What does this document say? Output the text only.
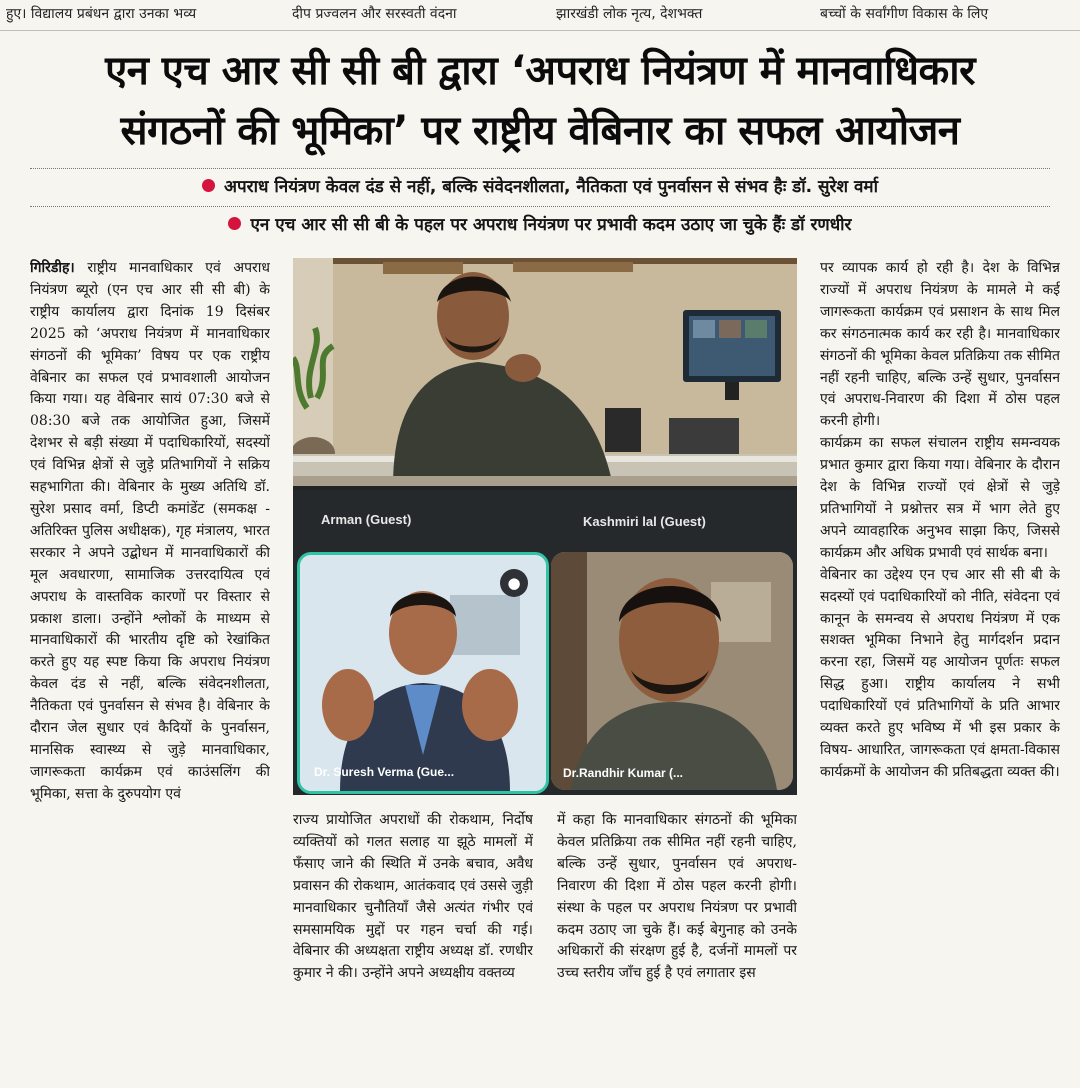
हुए। विद्यालय प्रबंधन द्वारा उनका भव्य	दीप प्रज्वलन और सरस्वती वंदना	झारखंडी लोक नृत्य, देशभक्त	बच्चों के सर्वांगीण विकास के लिए
एन एच आर सी सी बी द्वारा ‘अपराध नियंत्रण में मानवाधिकार
संगठनों की भूमिका’ पर राष्ट्रीय वेबिनार का सफल आयोजन
अपराध नियंत्रण केवल दंड से नहीं, बल्कि संवेदनशीलता, नैतिकता एवं पुनर्वासन से संभव हैः डॉ. सुरेश वर्मा
एन एच आर सी सी बी के पहल पर अपराध नियंत्रण पर प्रभावी कदम उठाए जा चुके हैंः डॉ रणधीर

गिरिडीह। राष्ट्रीय मानवाधिकार एवं अपराध नियंत्रण ब्यूरो (एन एच आर सी सी बी) के राष्ट्रीय कार्यालय द्वारा दिनांक 19 दिसंबर 2025 को ‘अपराध नियंत्रण में मानवाधिकार संगठनों की भूमिका’ विषय पर एक राष्ट्रीय वेबिनार का सफल एवं प्रभावशाली आयोजन किया गया। यह वेबिनार सायं 07:30 बजे से 08:30 बजे तक आयोजित हुआ, जिसमें देशभर से बड़ी संख्या में पदाधिकारियों, सदस्यों एवं विभिन्न क्षेत्रों से जुड़े प्रतिभागियों ने सक्रिय सहभागिता की। वेबिनार के मुख्य अतिथि डॉ. सुरेश प्रसाद वर्मा, डिप्टी कमांडेंट (समकक्ष - अतिरिक्त पुलिस अधीक्षक), गृह मंत्रालय, भारत सरकार ने अपने उद्बोधन में मानवाधिकारों की मूल अवधारणा, सामाजिक उत्तरदायित्व एवं अपराध के वास्तविक कारणों पर विस्तार से प्रकाश डाला। उन्होंने श्लोकों के माध्यम से मानवाधिकारों की भारतीय दृष्टि को रेखांकित करते हुए यह स्पष्ट किया कि अपराध नियंत्रण केवल दंड से नहीं, बल्कि संवेदनशीलता, नैतिकता एवं पुनर्वासन से संभव है। वेबिनार के दौरान जेल सुधार एवं कैदियों के पुनर्वासन, मानसिक स्वास्थ्य से जुड़े मानवाधिकार, जागरूकता कार्यक्रम एवं काउंसलिंग की भूमिका, सत्ता के दुरुपयोग एवं

Arman (Guest)	Kashmiri lal (Guest)
●
Dr. Suresh Verma (Gue...	Dr.Randhir Kumar (...

राज्य प्रायोजित अपराधों की रोकथाम, निर्दोष व्यक्तियों को गलत सलाह या झूठे मामलों में फँसाए जाने की स्थिति में उनके बचाव, अवैध प्रवासन की रोकथाम, आतंकवाद एवं उससे जुड़ी मानवाधिकार चुनौतियाँ जैसे अत्यंत गंभीर एवं समसामयिक मुद्दों पर गहन चर्चा की गई। वेबिनार की अध्यक्षता राष्ट्रीय अध्यक्ष डॉ. रणधीर कुमार ने की। उन्होंने अपने अध्यक्षीय वक्तव्य

में कहा कि मानवाधिकार संगठनों की भूमिका केवल प्रतिक्रिया तक सीमित नहीं रहनी चाहिए, बल्कि उन्हें सुधार, पुनर्वासन एवं अपराध-निवारण की दिशा में ठोस पहल करनी होगी। संस्था के पहल पर अपराध नियंत्रण पर प्रभावी कदम उठाए जा चुके हैं। कई बेगुनाह को उनके अधिकारों की संरक्षण हुई है, दर्जनों मामलों पर उच्च स्तरीय जाँच हुई है एवं लगातार इस

पर व्यापक कार्य हो रही है। देश के विभिन्न राज्यों में अपराध नियंत्रण के मामले मे कई जागरूकता कार्यक्रम एवं प्रसाशन के साथ मिल कर संगठनात्मक कार्य कर रही है। मानवाधिकार संगठनों की भूमिका केवल प्रतिक्रिया तक सीमित नहीं रहनी चाहिए, बल्कि उन्हें सुधार, पुनर्वासन एवं अपराध-निवारण की दिशा में ठोस पहल करनी होगी।

कार्यक्रम का सफल संचालन राष्ट्रीय समन्वयक प्रभात कुमार द्वारा किया गया। वेबिनार के दौरान देश के विभिन्न राज्यों एवं क्षेत्रों से जुड़े प्रतिभागियों ने प्रश्नोत्तर सत्र में भाग लेते हुए अपने व्यावहारिक अनुभव साझा किए, जिससे कार्यक्रम और अधिक प्रभावी एवं सार्थक बना।

वेबिनार का उद्देश्य एन एच आर सी सी बी के सदस्यों एवं पदाधिकारियों को नीति, संवेदना एवं कानून के समन्वय से अपराध नियंत्रण में एक सशक्त भूमिका निभाने हेतु मार्गदर्शन प्रदान करना रहा, जिसमें यह आयोजन पूर्णतः सफल सिद्ध हुआ। राष्ट्रीय कार्यालय ने सभी पदाधिकारियों एवं प्रतिभागियों के प्रति आभार व्यक्त करते हुए भविष्य में भी इस प्रकार के विषय- आधारित, जागरूकता एवं क्षमता-विकास कार्यक्रमों के आयोजन की प्रतिबद्धता व्यक्त की।
